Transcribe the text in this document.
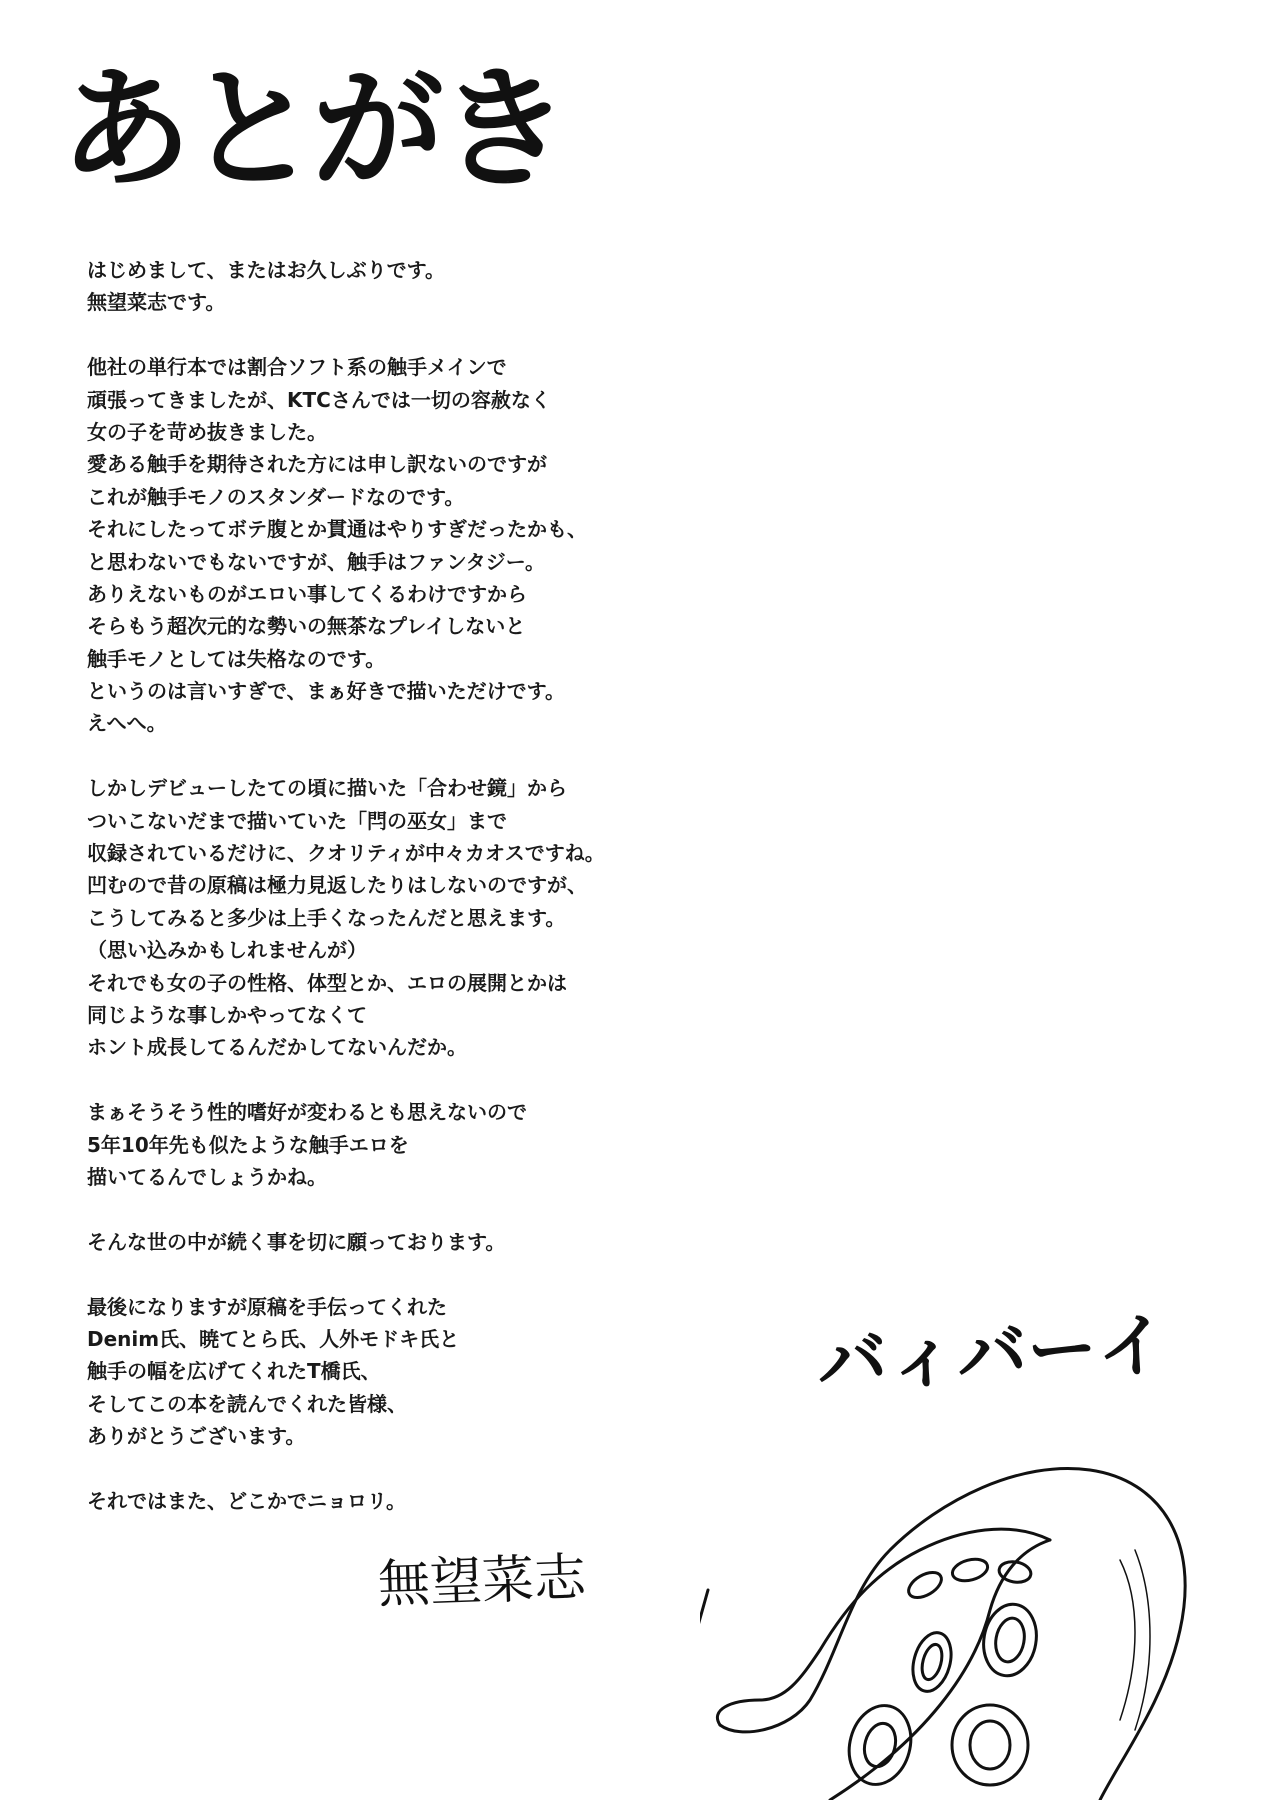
あとがき
はじめまして、またはお久しぶりです。
無望菜志です。
他社の単行本では割合ソフト系の触手メインで
頑張ってきましたが、KTCさんでは一切の容赦なく
女の子を苛め抜きました。
愛ある触手を期待された方には申し訳ないのですが
これが触手モノのスタンダードなのです。
それにしたってボテ腹とか貫通はやりすぎだったかも、
と思わないでもないですが、触手はファンタジー。
ありえないものがエロい事してくるわけですから
そらもう超次元的な勢いの無茶なプレイしないと
触手モノとしては失格なのです。
というのは言いすぎで、まぁ好きで描いただけです。
えへへ。
しかしデビューしたての頃に描いた「合わせ鏡」から
ついこないだまで描いていた「閂の巫女」まで
収録されているだけに、クオリティが中々カオスですね。
凹むので昔の原稿は極力見返したりはしないのですが、
こうしてみると多少は上手くなったんだと思えます。
（思い込みかもしれませんが）
それでも女の子の性格、体型とか、エロの展開とかは
同じような事しかやってなくて
ホント成長してるんだかしてないんだか。
まぁそうそう性的嗜好が変わるとも思えないので
5年10年先も似たような触手エロを
描いてるんでしょうかね。
そんな世の中が続く事を切に願っております。
最後になりますが原稿を手伝ってくれた
Denim氏、暁てとら氏、人外モドキ氏と
触手の幅を広げてくれたT橋氏、
そしてこの本を読んでくれた皆様、
ありがとうございます。
それではまた、どこかでニョロリ。
バィバーイ
無望菜志
